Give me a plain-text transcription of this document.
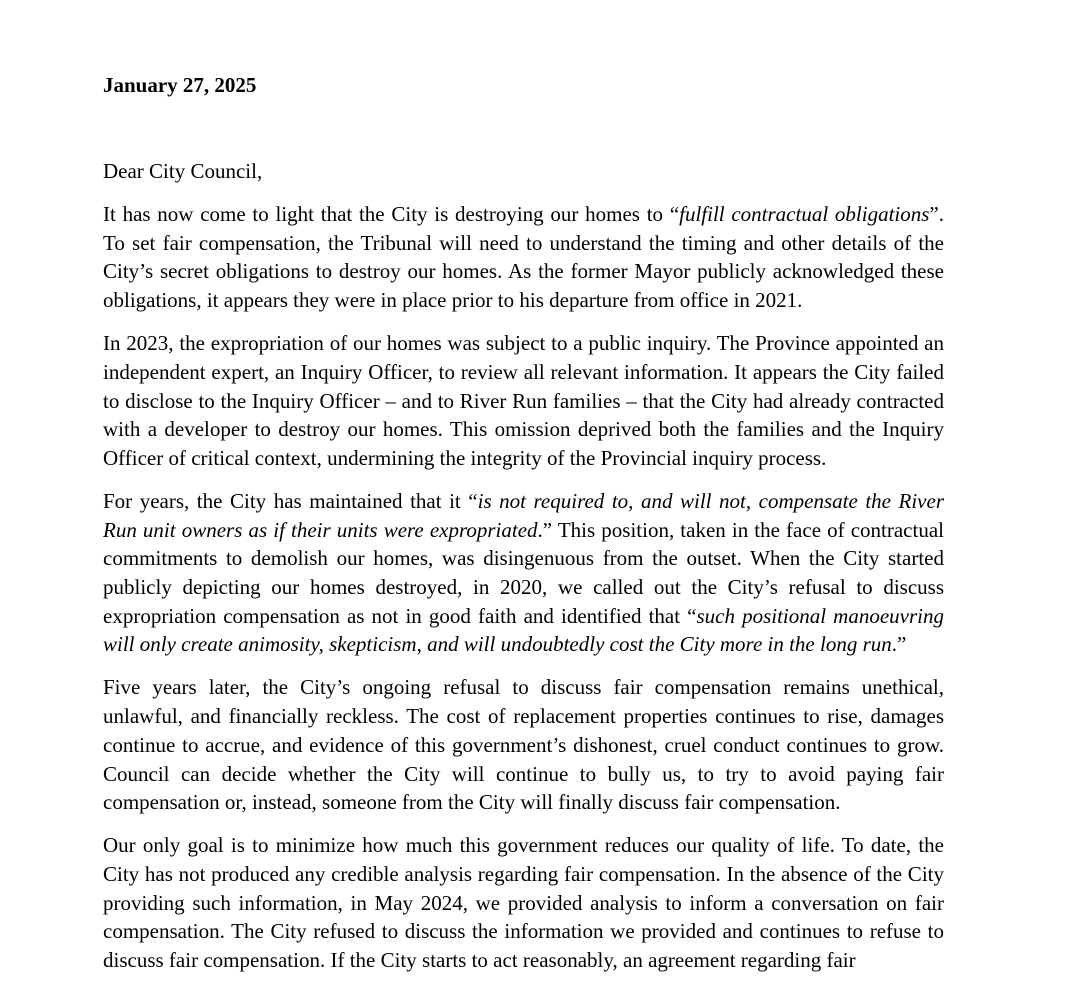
January 27, 2025

Dear City Council,

It has now come to light that the City is destroying our homes to “fulfill contractual obligations”. To set fair compensation, the Tribunal will need to understand the timing and other details of the City’s secret obligations to destroy our homes. As the former Mayor publicly acknowledged these obligations, it appears they were in place prior to his departure from office in 2021.

In 2023, the expropriation of our homes was subject to a public inquiry. The Province appointed an independent expert, an Inquiry Officer, to review all relevant information. It appears the City failed to disclose to the Inquiry Officer – and to River Run families – that the City had already contracted with a developer to destroy our homes. This omission deprived both the families and the Inquiry Officer of critical context, undermining the integrity of the Provincial inquiry process.

For years, the City has maintained that it “is not required to, and will not, compensate the River Run unit owners as if their units were expropriated.” This position, taken in the face of contractual commitments to demolish our homes, was disingenuous from the outset. When the City started publicly depicting our homes destroyed, in 2020, we called out the City’s refusal to discuss expropriation compensation as not in good faith and identified that “such positional manoeuvring will only create animosity, skepticism, and will undoubtedly cost the City more in the long run.”

Five years later, the City’s ongoing refusal to discuss fair compensation remains unethical, unlawful, and financially reckless. The cost of replacement properties continues to rise, damages continue to accrue, and evidence of this government’s dishonest, cruel conduct continues to grow. Council can decide whether the City will continue to bully us, to try to avoid paying fair compensation or, instead, someone from the City will finally discuss fair compensation.

Our only goal is to minimize how much this government reduces our quality of life. To date, the City has not produced any credible analysis regarding fair compensation. In the absence of the City providing such information, in May 2024, we provided analysis to inform a conversation on fair compensation. The City refused to discuss the information we provided and continues to refuse to discuss fair compensation. If the City starts to act reasonably, an agreement regarding fair
